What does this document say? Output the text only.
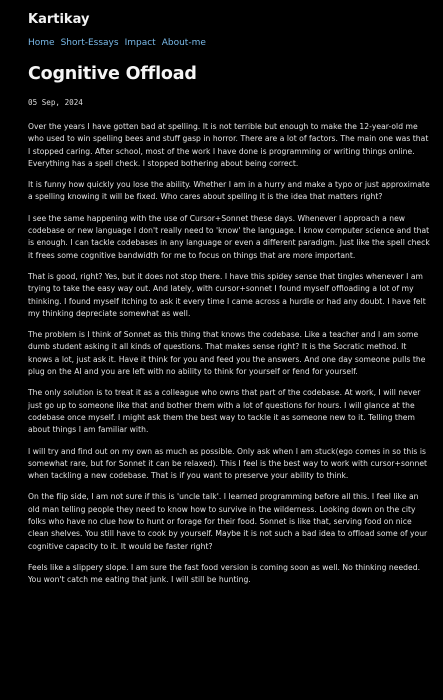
Kartikay
Home Short-Essays Impact About-me
Cognitive Offload
05 Sep, 2024

Over the years I have gotten bad at spelling. It is not terrible but enough to make the 12-year-old me who used to win spelling bees and stuff gasp in horror. There are a lot of factors. The main one was that I stopped caring. After school, most of the work I have done is programming or writing things online. Everything has a spell check. I stopped bothering about being correct.

It is funny how quickly you lose the ability. Whether I am in a hurry and make a typo or just approximate a spelling knowing it will be fixed. Who cares about spelling it is the idea that matters right?

I see the same happening with the use of Cursor+Sonnet these days. Whenever I approach a new codebase or new language I don't really need to 'know' the language. I know computer science and that is enough. I can tackle codebases in any language or even a different paradigm. Just like the spell check it frees some cognitive bandwidth for me to focus on things that are more important.

That is good, right? Yes, but it does not stop there. I have this spidey sense that tingles whenever I am trying to take the easy way out. And lately, with cursor+sonnet I found myself offloading a lot of my thinking. I found myself itching to ask it every time I came across a hurdle or had any doubt. I have felt my thinking depreciate somewhat as well.

The problem is I think of Sonnet as this thing that knows the codebase. Like a teacher and I am some dumb student asking it all kinds of questions. That makes sense right? It is the Socratic method. It knows a lot, just ask it. Have it think for you and feed you the answers. And one day someone pulls the plug on the AI and you are left with no ability to think for yourself or fend for yourself.

The only solution is to treat it as a colleague who owns that part of the codebase. At work, I will never just go up to someone like that and bother them with a lot of questions for hours. I will glance at the codebase once myself. I might ask them the best way to tackle it as someone new to it. Telling them about things I am familiar with.

I will try and find out on my own as much as possible. Only ask when I am stuck(ego comes in so this is somewhat rare, but for Sonnet it can be relaxed). This I feel is the best way to work with cursor+sonnet when tackling a new codebase. That is if you want to preserve your ability to think.

On the flip side, I am not sure if this is 'uncle talk'. I learned programming before all this. I feel like an old man telling people they need to know how to survive in the wilderness. Looking down on the city folks who have no clue how to hunt or forage for their food. Sonnet is like that, serving food on nice clean shelves. You still have to cook by yourself. Maybe it is not such a bad idea to offload some of your cognitive capacity to it. It would be faster right?

Feels like a slippery slope. I am sure the fast food version is coming soon as well. No thinking needed. You won't catch me eating that junk. I will still be hunting.
